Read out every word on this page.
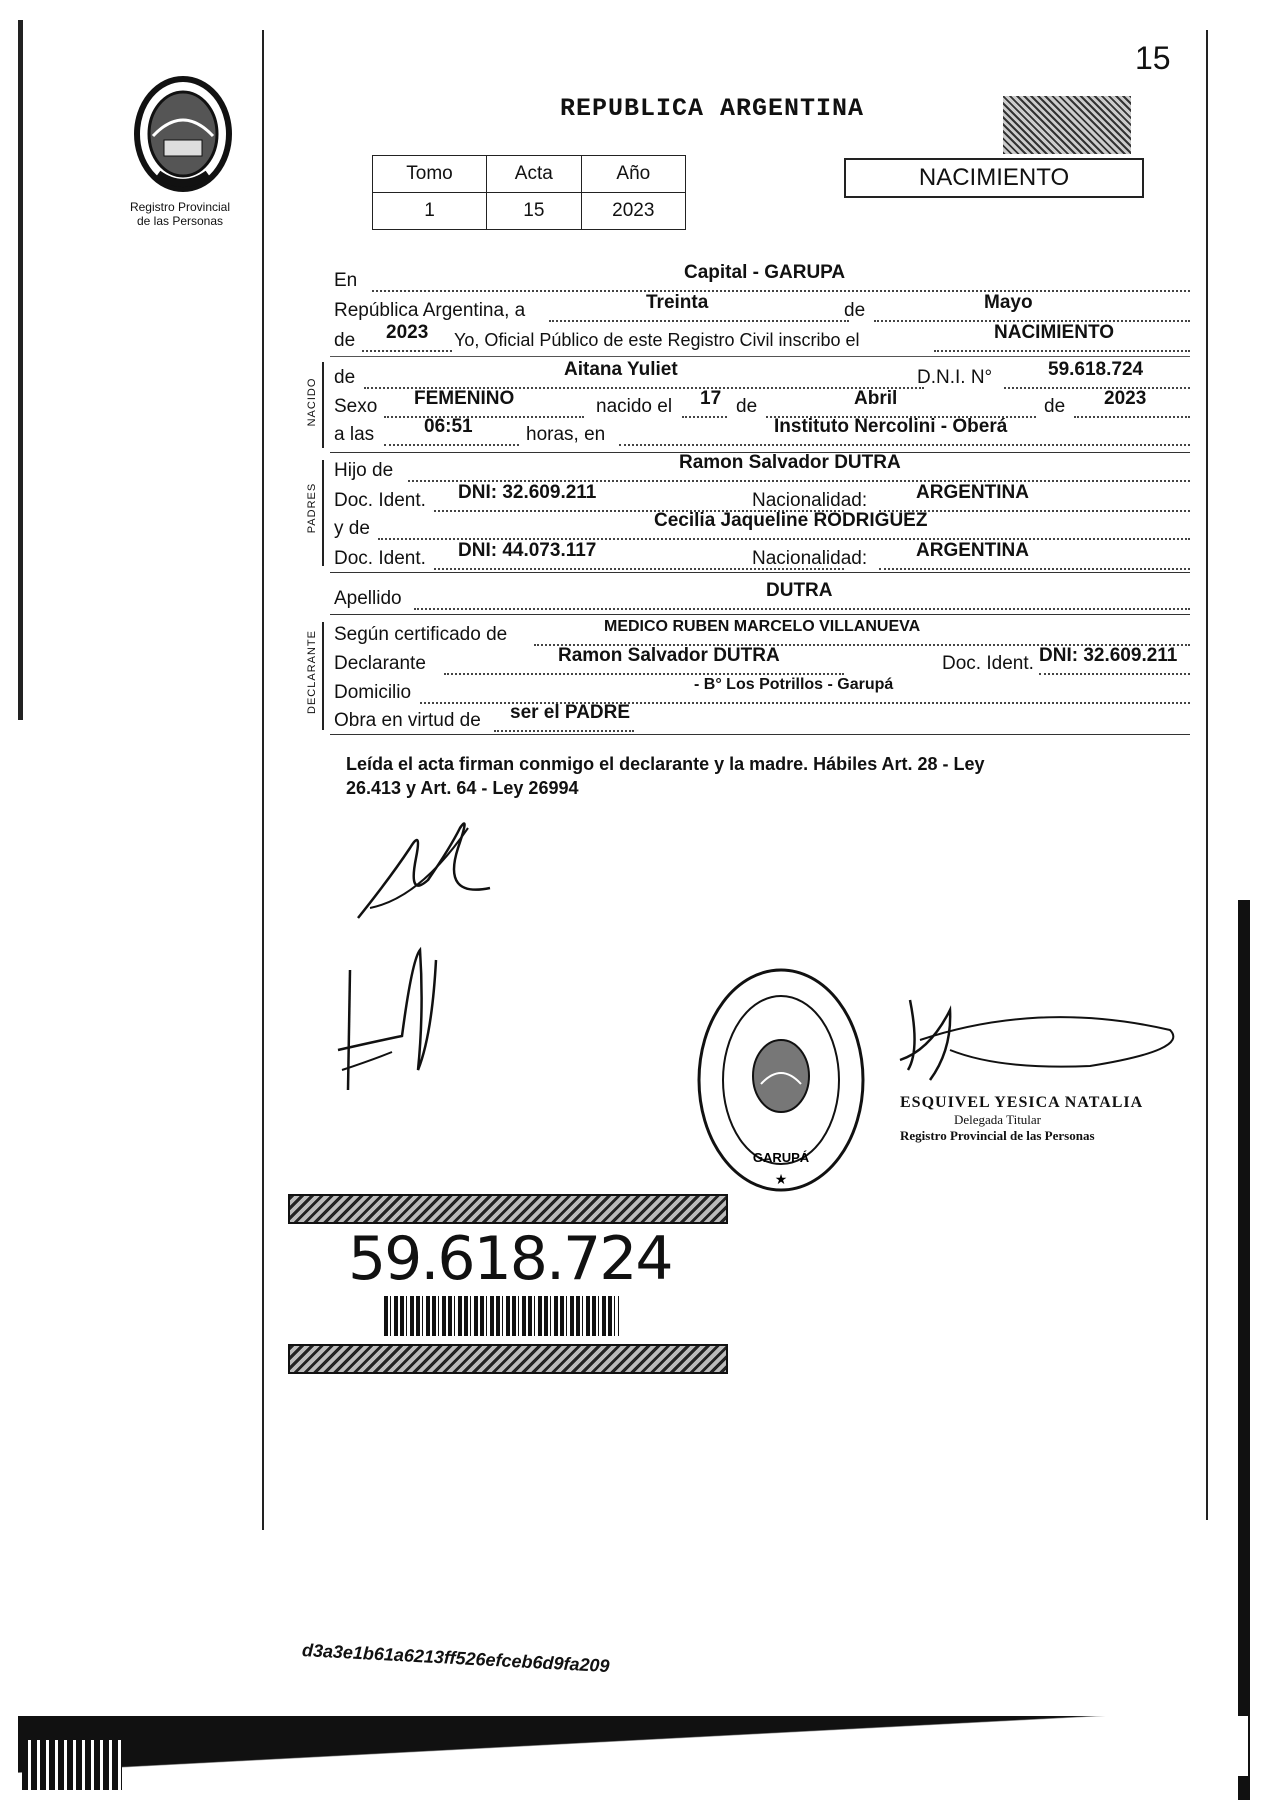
15
Registro Provincial
de las Personas
REPUBLICA ARGENTINA
Tomo	Acta	Año
1	15	2023
NACIMIENTO
En	Capital - GARUPA
República Argentina, a	Treinta	de	Mayo
de 2023 Yo, Oficial Público de este Registro Civil inscribo el	NACIMIENTO
NACIDO
de	Aitana Yuliet	D.N.I. N°	59.618.724
Sexo FEMENINO	nacido el 17 de	Abril	de 2023
a las	06:51	horas, en	Instituto Nercolini - Oberá
PADRES
Hijo de	Ramon Salvador DUTRA
Doc. Ident. DNI: 32.609.211	Nacionalidad:	ARGENTINA
y de	Cecilia Jaqueline RODRIGUEZ
Doc. Ident. DNI: 44.073.117	Nacionalidad:	ARGENTINA
Apellido	DUTRA
DECLARANTE Según certificado de	MEDICO RUBEN MARCELO VILLANUEVA
Declarante	Ramon Salvador DUTRA	Doc. Ident. DNI: 32.609.211
Domicilio	- B° Los Potrillos - Garupá
Obra en virtud de ser el PADRE
Leída el acta firman conmigo el declarante y la madre. Hábiles Art. 28 - Ley
26.413 y Art. 64 - Ley 26994
GARUPÁ
★
ESQUIVEL YESICA NATALIA
Delegada Titular
Registro Provincial de las Personas
59.618.724
d3a3e1b61a6213ff526efceb6d9fa209
